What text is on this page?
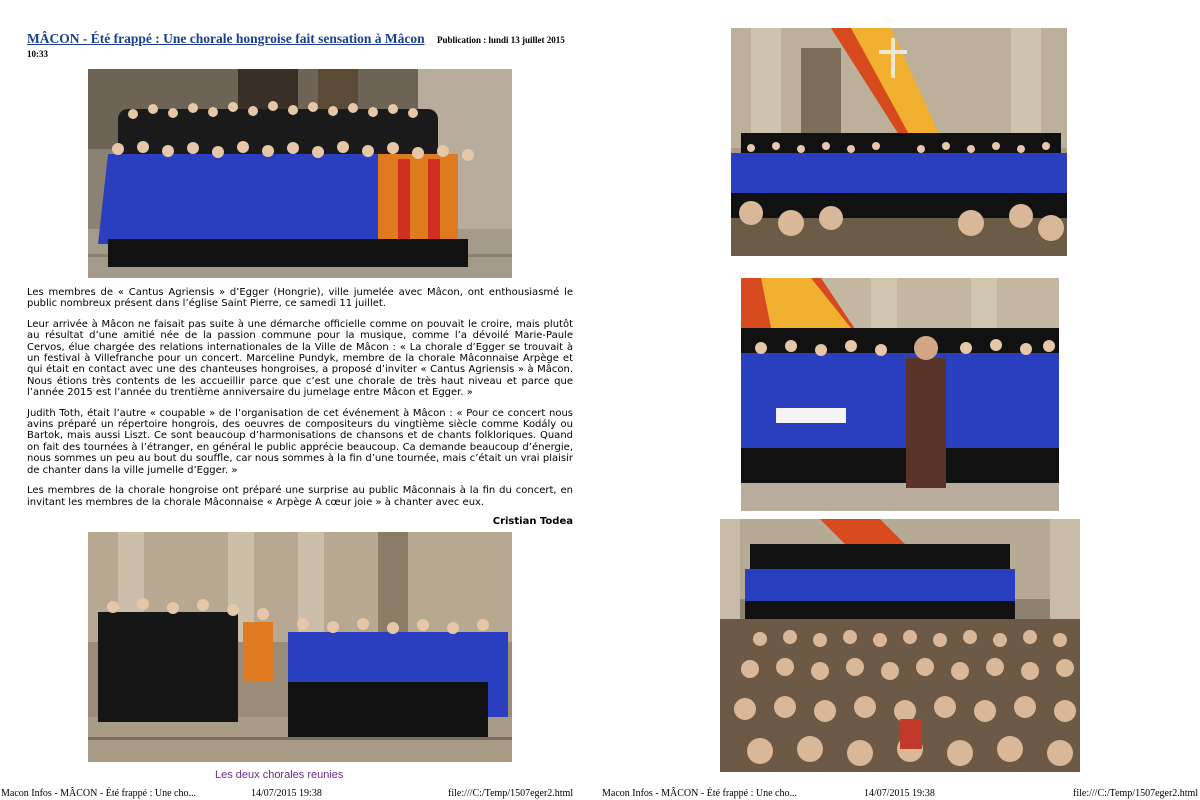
MÂCON - Été frappé : Une chorale hongroise fait sensation à Mâcon Publication : lundi 13 juillet 2015
10:33

Les membres de « Cantus Agriensis » d’Egger (Hongrie), ville jumelée avec Mâcon, ont enthousiasmé le public nombreux présent dans l’église Saint Pierre, ce samedi 11 juillet.

Leur arrivée à Mâcon ne faisait pas suite à une démarche officielle comme on pouvait le croire, mais plutôt au résultat d’une amitié née de la passion commune pour la musique, comme l’a dévoilé Marie-Paule Cervos, élue chargée des relations internationales de la Ville de Mâcon : « La chorale d’Egger se trouvait à un festival à Villefranche pour un concert. Marceline Pundyk, membre de la chorale Mâconnaise Arpège et qui était en contact avec une des chanteuses hongroises, a proposé d’inviter « Cantus Agriensis » à Mâcon. Nous étions très contents de les accueillir parce que c’est une chorale de très haut niveau et parce que l’année 2015 est l’année du trentième anniversaire du jumelage entre Mâcon et Egger. »

Judith Toth, était l’autre « coupable » de l’organisation de cet événement à Mâcon : « Pour ce concert nous avins préparé un répertoire hongrois, des oeuvres de compositeurs du vingtième siècle comme Kodály ou Bartok, mais aussi Liszt. Ce sont beaucoup d’harmonisations de chansons et de chants folkloriques. Quand on fait des tournées à l’étranger, en général le public apprécie beaucoup. Ca demande beaucoup d’énergie, nous sommes un peu au bout du souffle, car nous sommes à la fin d’une tournée, mais c’était un vrai plaisir de chanter dans la ville jumelle d’Egger. »

Les membres de la chorale hongroise ont préparé une surprise au public Mâconnais à la fin du concert, en invitant les membres de la chorale Mâconnaise « Arpège A cœur joie » à chanter avec eux.

Cristian Todea
Les deux chorales reunies
Macon Infos - MÂCON - Été frappé : Une cho...	14/07/2015 19:38	file:///C:/Temp/1507eger2.html	Macon Infos - MÂCON - Été frappé : Une cho...	14/07/2015 19:38	file:///C:/Temp/1507eger2.html
